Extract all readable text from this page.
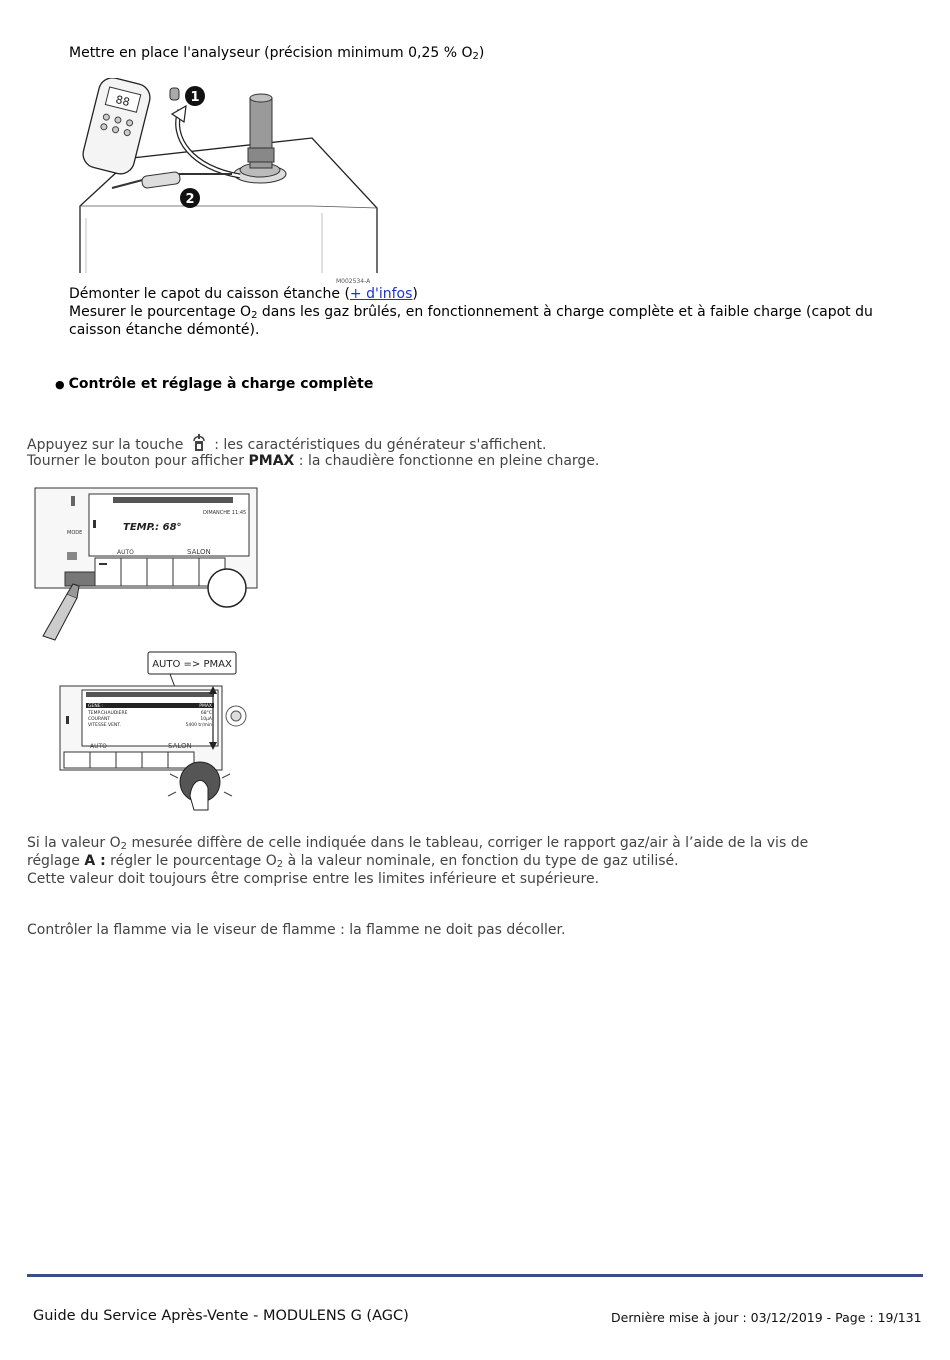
Mettre en place l'analyseur (précision minimum 0,25 % $O_2$)
88	1
2
M002534-A
Démonter le capot du caisson étanche (+ d'infos)
Mesurer le pourcentage $O_2$ dans les gaz brûlés, en fonctionnement à charge complète et à faible charge (capot du
caisson étanche démonté).
● Contrôle et réglage à charge complète
Appuyez sur la touche : les caractéristiques du générateur s'affichent.
Tourner le bouton pour afficher PMAX : la chaudière fonctionne en pleine charge.
DIMANCHE 11:45
TEMP.: 68°
AUTO	SALON
MODE
AUTO => PMAX
GENE :	PMAX
TEMP.CHAUDIERE	68°C
COURANT	10µA
VITESSE VENT.	5400 tr/min
AUTO	SALON
Si la valeur $O_2$ mesurée diffère de celle indiquée dans le tableau, corriger le rapport gaz/air à l’aide de la vis de
réglage A : régler le pourcentage $O_2$ à la valeur nominale, en fonction du type de gaz utilisé.
Cette valeur doit toujours être comprise entre les limites inférieure et supérieure.
Contrôler la flamme via le viseur de flamme : la flamme ne doit pas décoller.
Guide du Service Après-Vente - MODULENS G (AGC)	Dernière mise à jour : 03/12/2019 - Page : 19/131
